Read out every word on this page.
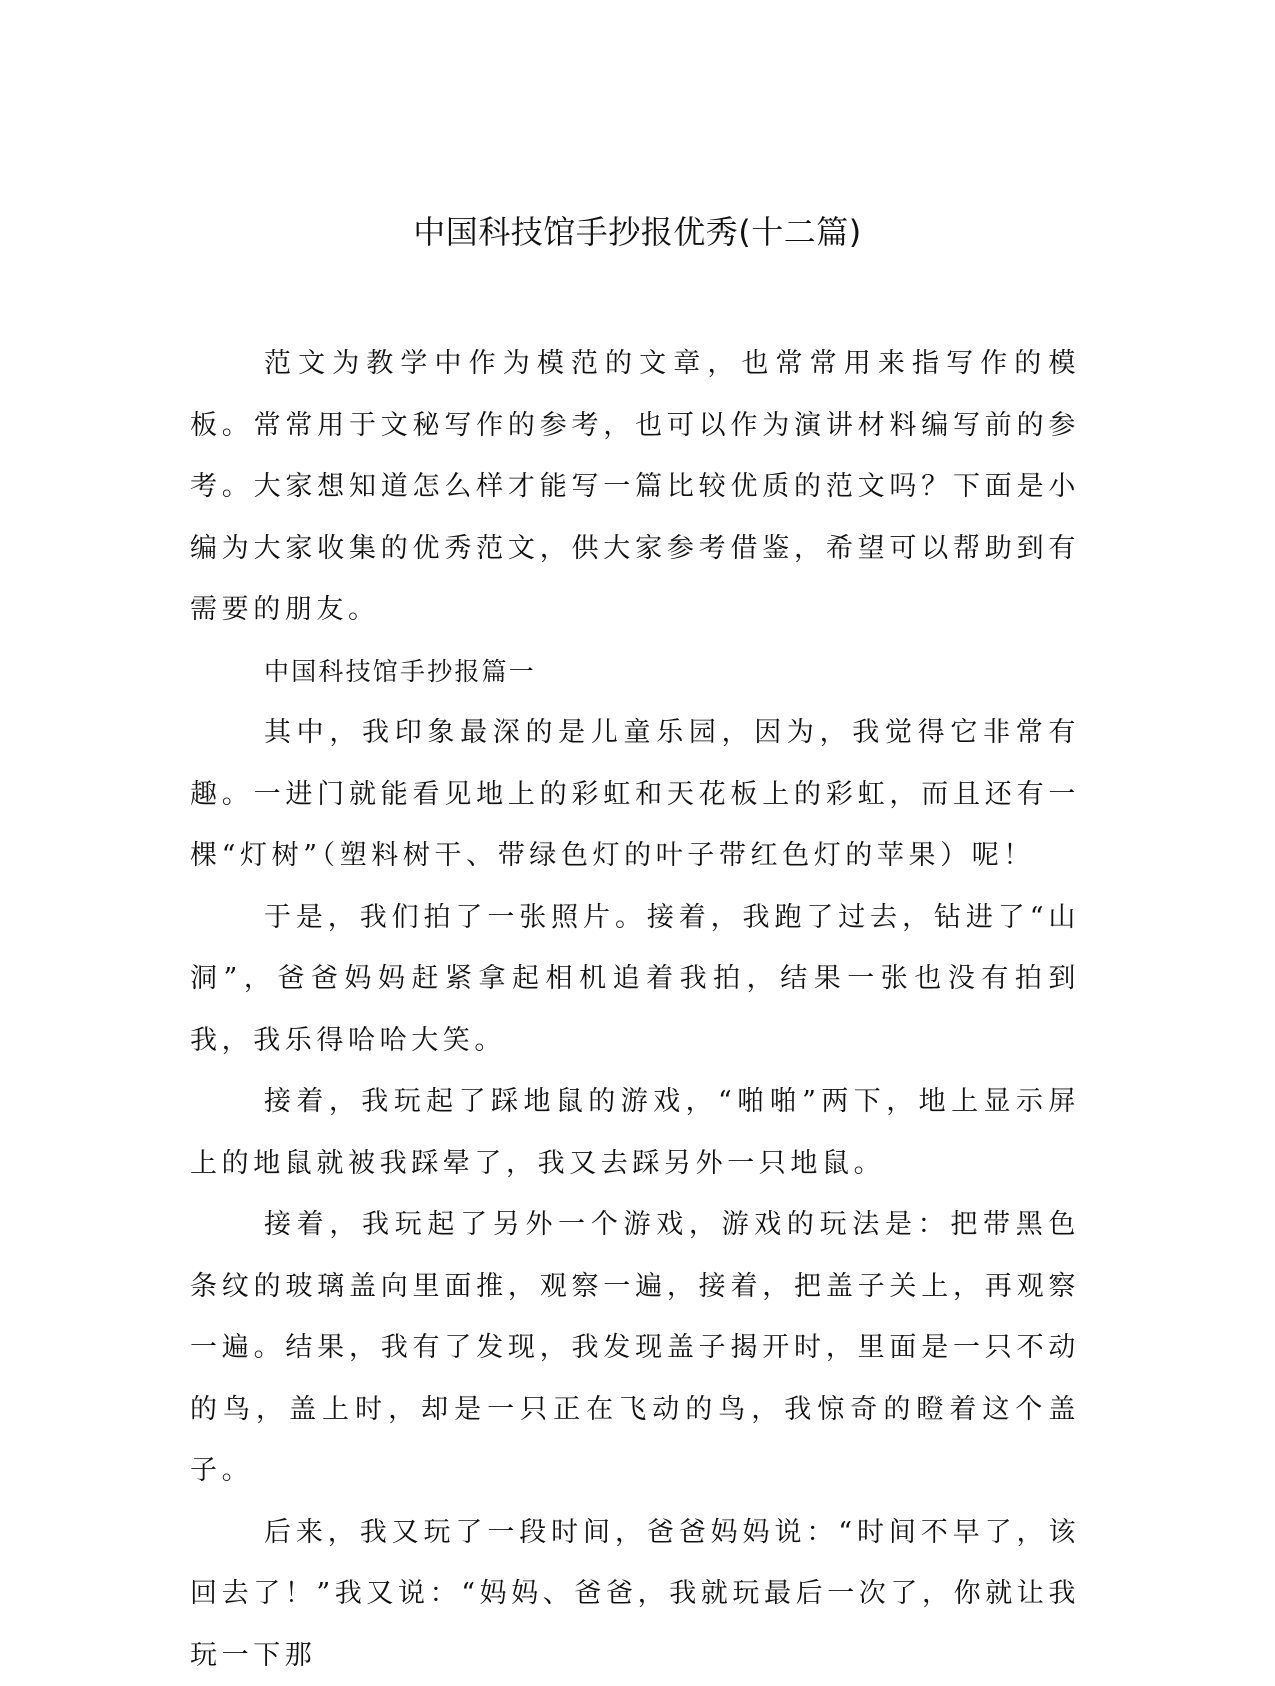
中国科技馆手抄报优秀(十二篇)

范文为教学中作为模范的文章，也常常用来指写作的模板。常常用于文秘写作的参考，也可以作为演讲材料编写前的参考。大家想知道怎么样才能写一篇比较优质的范文吗？下面是小编为大家收集的优秀范文，供大家参考借鉴，希望可以帮助到有需要的朋友。

中国科技馆手抄报篇一

其中，我印象最深的是儿童乐园，因为，我觉得它非常有趣。一进门就能看见地上的彩虹和天花板上的彩虹，而且还有一棵“灯树”（塑料树干、带绿色灯的叶子带红色灯的苹果）呢！

于是，我们拍了一张照片。接着，我跑了过去，钻进了“山洞”，爸爸妈妈赶紧拿起相机追着我拍，结果一张也没有拍到我，我乐得哈哈大笑。

接着，我玩起了踩地鼠的游戏，“啪啪”两下，地上显示屏上的地鼠就被我踩晕了，我又去踩另外一只地鼠。

接着，我玩起了另外一个游戏，游戏的玩法是：把带黑色条纹的玻璃盖向里面推，观察一遍，接着，把盖子关上，再观察一遍。结果，我有了发现，我发现盖子揭开时，里面是一只不动的鸟，盖上时，却是一只正在飞动的鸟，我惊奇的瞪着这个盖子。

后来，我又玩了一段时间，爸爸妈妈说：“时间不早了，该回去了！”我又说：“妈妈、爸爸，我就玩最后一次了，你就让我玩一下那
